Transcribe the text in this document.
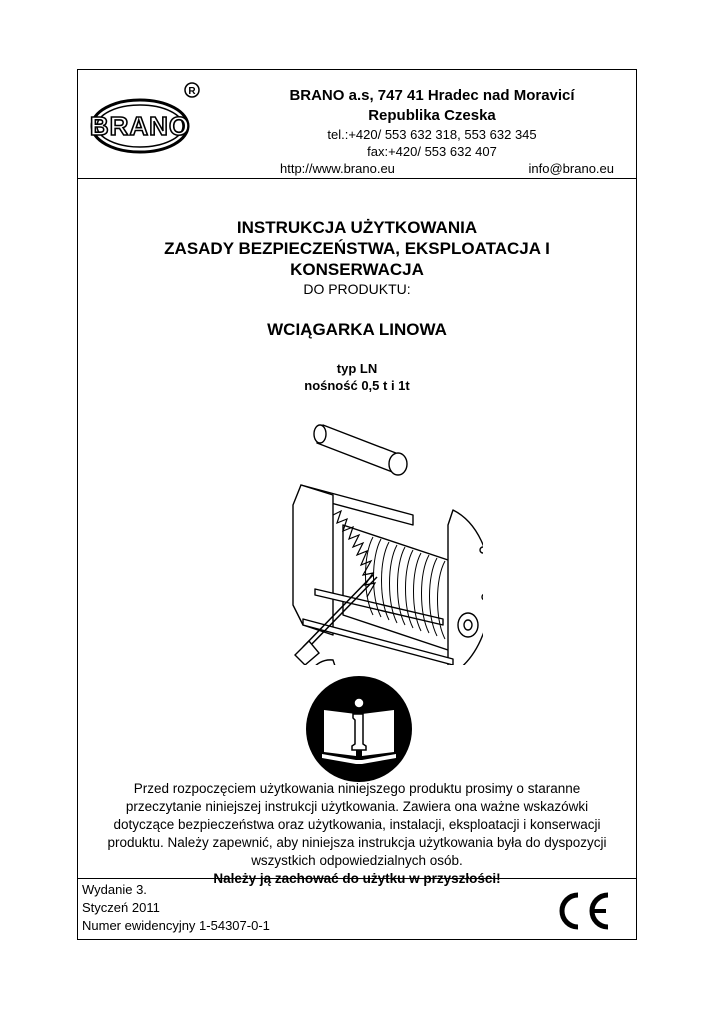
BRANO
R	BRANO a.s, 747 41 Hradec nad Moravicí
Republika Czeska
tel.:+420/ 553 632 318, 553 632 345
fax:+420/ 553 632 407
http://www.brano.eu	info@brano.eu
INSTRUKCJA UŻYTKOWANIA
ZASADY BEZPIECZEŃSTWA, EKSPLOATACJA I
KONSERWACJA
DO PRODUKTU:
WCIĄGARKA LINOWA
typ LN
nośność 0,5 t i 1t
Przed rozpoczęciem użytkowania niniejszego produktu prosimy o staranne
przeczytanie niniejszej instrukcji użytkowania. Zawiera ona ważne wskazówki
dotyczące bezpieczeństwa oraz użytkowania, instalacji, eksploatacji i konserwacji
produktu. Należy zapewnić, aby niniejsza instrukcja użytkowania była do dyspozycji
wszystkich odpowiedzialnych osób.
Należy ją zachować do użytku w przyszłości!
Wydanie 3.
Styczeń 2011
Numer ewidencyjny 1-54307-0-1
